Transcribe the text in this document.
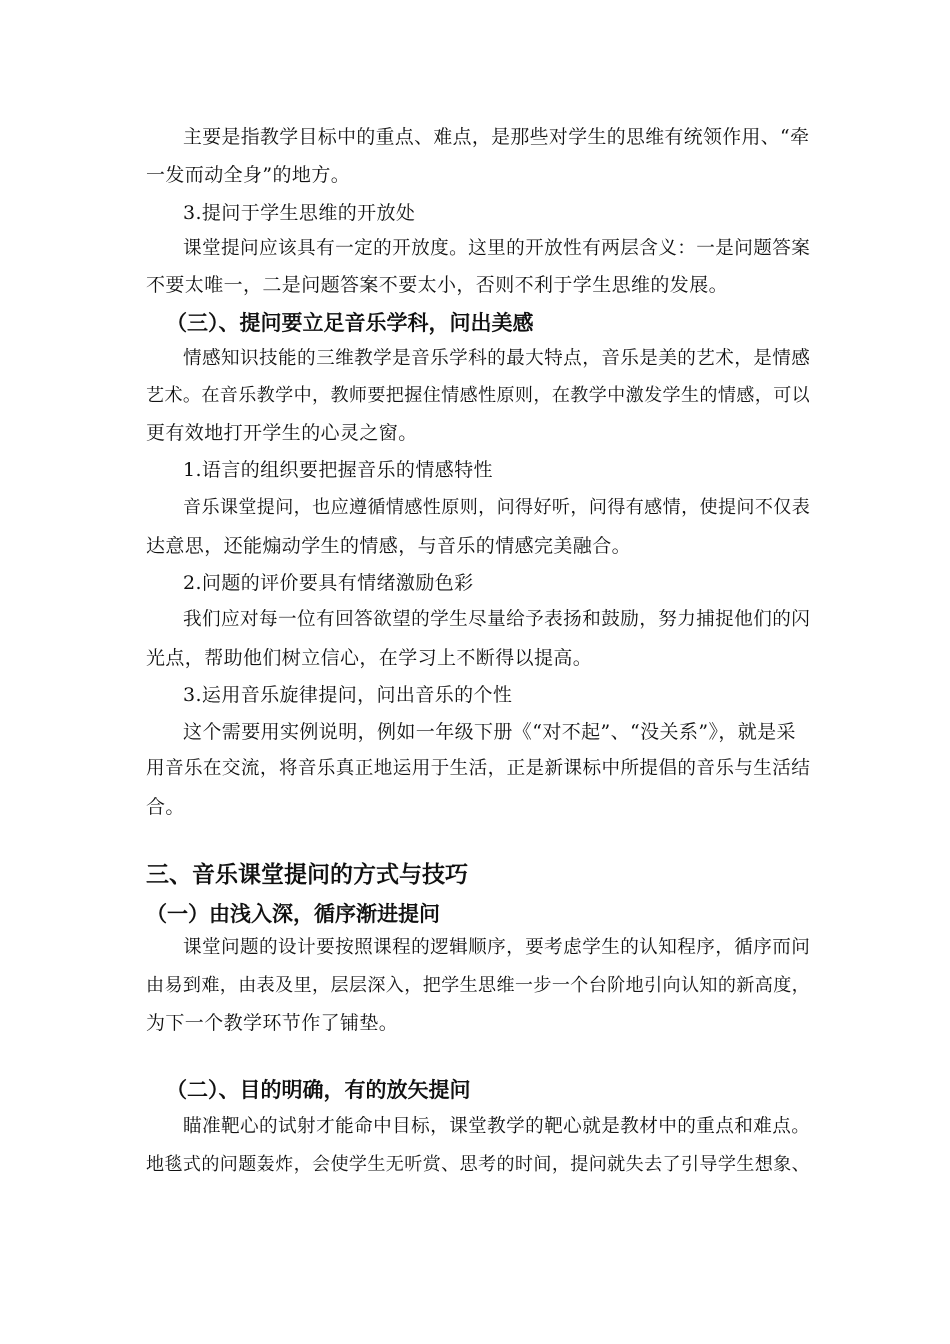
主要是指教学目标中的重点、难点，是那些对学生的思维有统领作用、“牵
一发而动全身”的地方。
3.提问于学生思维的开放处
课堂提问应该具有一定的开放度。这里的开放性有两层含义：一是问题答案
不要太唯一，二是问题答案不要太小，否则不利于学生思维的发展。
（三）、提问要立足音乐学科，问出美感
情感知识技能的三维教学是音乐学科的最大特点，音乐是美的艺术，是情感
艺术。在音乐教学中，教师要把握住情感性原则，在教学中激发学生的情感，可以
更有效地打开学生的心灵之窗。
1.语言的组织要把握音乐的情感特性
音乐课堂提问，也应遵循情感性原则，问得好听，问得有感情，使提问不仅表
达意思，还能煽动学生的情感，与音乐的情感完美融合。
2.问题的评价要具有情绪激励色彩
我们应对每一位有回答欲望的学生尽量给予表扬和鼓励，努力捕捉他们的闪
光点，帮助他们树立信心，在学习上不断得以提高。
3.运用音乐旋律提问，问出音乐的个性
这个需要用实例说明，例如一年级下册《“对不起”、“没关系”》，就是采
用音乐在交流，将音乐真正地运用于生活，正是新课标中所提倡的音乐与生活结
合。
三、音乐课堂提问的方式与技巧
（一）由浅入深，循序渐进提问
课堂问题的设计要按照课程的逻辑顺序，要考虑学生的认知程序，循序而问
由易到难，由表及里，层层深入，把学生思维一步一个台阶地引向认知的新高度，
为下一个教学环节作了铺垫。
（二）、目的明确，有的放矢提问
瞄准靶心的试射才能命中目标，课堂教学的靶心就是教材中的重点和难点。
地毯式的问题轰炸，会使学生无听赏、思考的时间，提问就失去了引导学生想象、
